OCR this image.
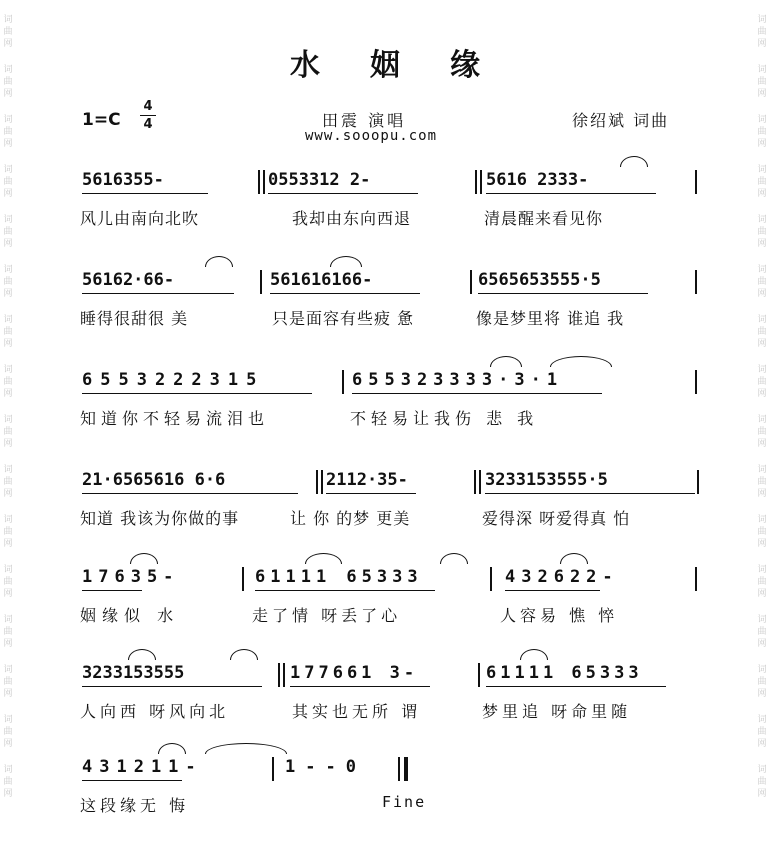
词曲网
词曲网
词曲网
词曲网
词曲网
词曲网
词曲网
词曲网
词曲网
词曲网
词曲网
词曲网
词曲网
词曲网
词曲网
词曲网
词曲网
词曲网
词曲网
词曲网
词曲网
词曲网
词曲网
词曲网
词曲网
词曲网
词曲网
词曲网
词曲网
词曲网
词曲网
词曲网
水姻缘
1=C
4
4	田震 演唱
www.sooopu.com
徐绍斌 词曲
5616355-	0553312 2-	5616 2333-
风儿由南向北吹	我却由东向西退	清晨醒来看见你
56162·66-	561616166-	6565653555·5
睡得很甜很 美	只是面容有些疲 惫	像是梦里将 谁追 我
6553222315	655323333·3·1
知道你不轻易流泪也	不轻易让我伤 悲 我
21·6565616 6·6	2112·35-	3233153555·5
知道 我该为你做的事	让 你 的梦 更美	爱得深 呀爱得真 怕
17635-	61111 65333	432622-
姻缘似 水	走了情 呀丢了心	人容易 憔 悴
3233153555	177661 3-	61111 65333
人向西 呀风向北	其实也无所 谓	梦里追 呀命里随
431211-	1--0
这段缘无 悔	Fine
